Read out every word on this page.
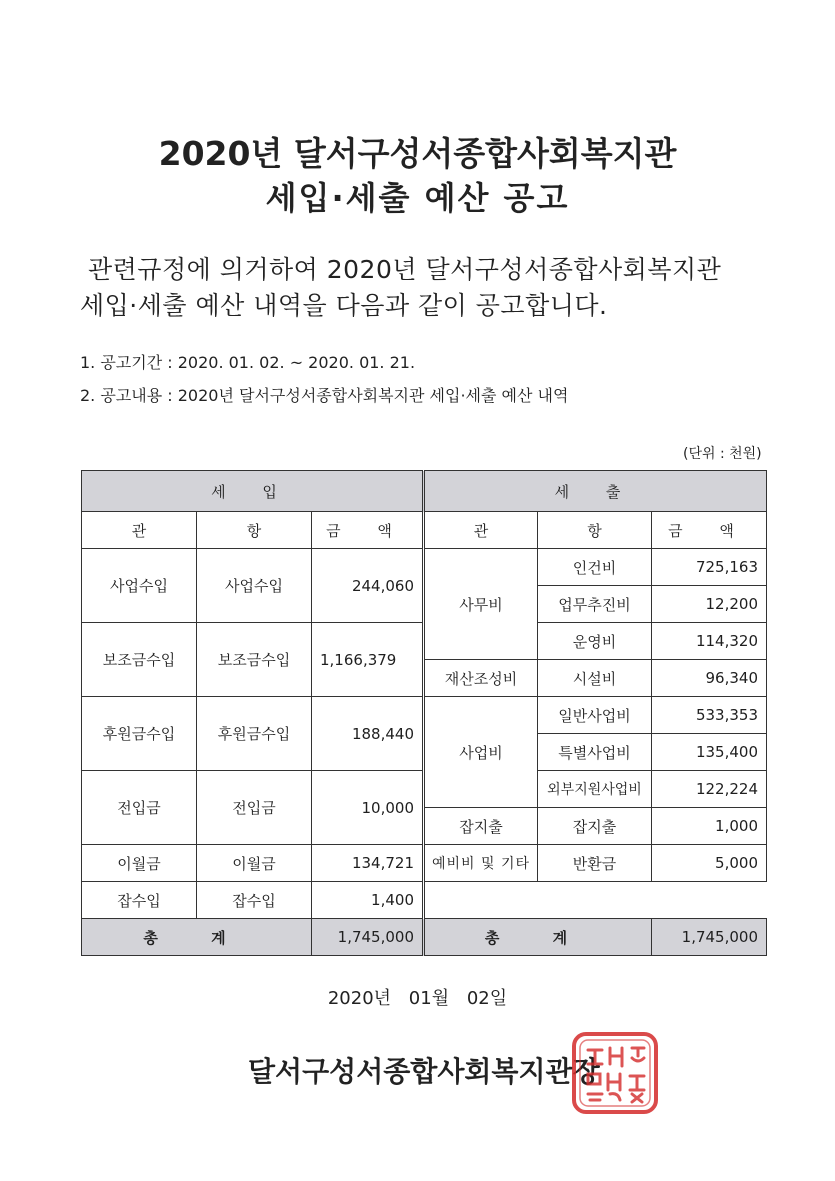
2020년 달서구성서종합사회복지관
세입·세출 예산 공고
관련규정에 의거하여 2020년 달서구성서종합사회복지관
세입·세출 예산 내역을 다음과 같이 공고합니다.
1. 공고기간 : 2020. 01. 02. ~ 2020. 01. 21.
2. 공고내용 : 2020년 달서구성서종합사회복지관 세입·세출 예산 내역
(단위 : 천원)
세 입			세 출		
관	항	금 액	관	항	금 액
사업수입	사업수입	244,060	사무비	인건비	725,163
				업무추진비	12,200
보조금수입	보조금수입	1,166,379		운영비	114,320
			재산조성비	시설비	96,340
후원금수입	후원금수입	188,440	사업비	일반사업비	533,353
				특별사업비	135,400
전입금	전입금	10,000		외부지원사업비	122,224
			잡지출	잡지출	1,000
이월금	이월금	134,721	예비비 및 기타	반환금	5,000

잡수입	잡수입	1,400			
총 계		1,745,000	총 계		1,745,000
2020년 01월 02일
달서구성서종합사회복지관장
